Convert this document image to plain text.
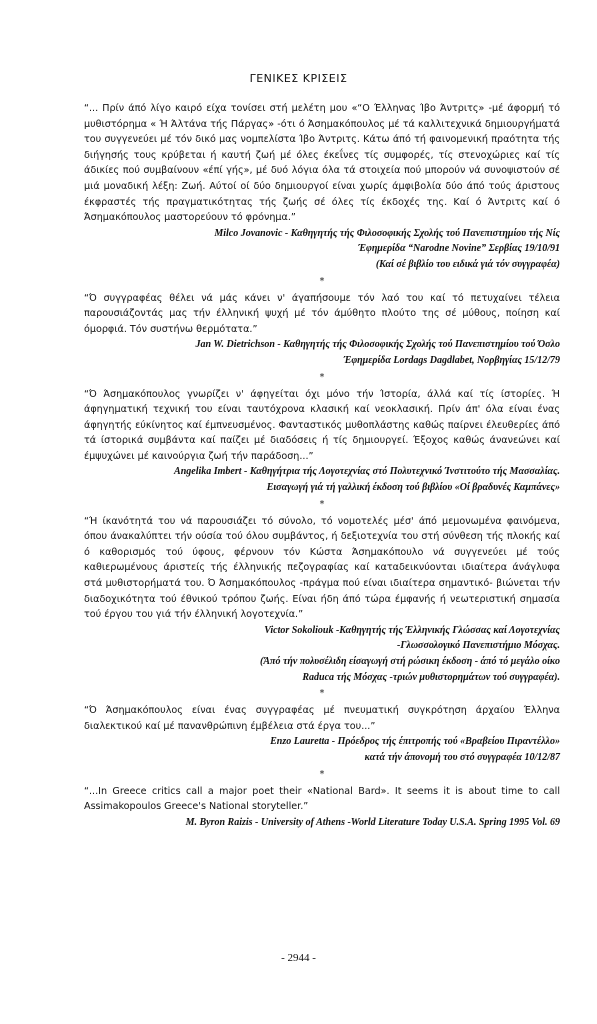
ΓΕΝΙΚΕΣ ΚΡΙΣΕΙΣ
“... Πρίν άπό λίγο καιρό είχα τονίσει στή μελέτη μου «“Ο Έλληνας Ίβο Άντριτς» -μέ άφορμή τό μυθιστόρημα « Ή Άλτάνα τής Πάργας» -ότι ό Άσημακόπουλος μέ τά καλλιτεχνικά δημιουργήματά του συγγενεύει μέ τόν δικό μας νομπελίστα Ίβο Άντριτς. Κάτω άπό τή φαινομενική πραότητα τής διήγησής τους κρύβεται ή καυτή ζωή μέ όλες έκεΐνες τίς συμφορές, τίς στενοχώριες καί τίς άδικίες πού συμβαίνουν «έπί γής», μέ δυό λόγια όλα τά στοιχεία πού μπορούν νά συνοψιστούν σέ μιά μοναδική λέξη: Ζωή. Αύτοί οί δύο δημιουργοί είναι χωρίς άμφιβολία δύο άπό τούς άριστους έκφραστές τής πραγματικότητας τής ζωής σέ όλες τίς έκδοχές της. Καί ό Άντριτς καί ό Άσημακόπουλος μαστορεύουν τό φρόνημα.”
Milco Jovanovic - Καθηγητής τής Φιλοσοφικής Σχολής τού Πανεπιστημίου τής Νίς
Έφημερίδα “Narodne Novine” Σερβίας 19/10/91
(Καί σέ βιβλίο του ειδικά γιά τόν συγγραφέα)
*
“Ό συγγραφέας θέλει νά μάς κάνει ν' άγαπήσουμε τόν λαό του καί τό πετυχαίνει τέλεια παρουσιάζοντάς μας τήν έλληνική ψυχή μέ τόν άμύθητο πλούτο της σέ μύθους, ποίηση καί όμορφιά. Τόν συστήνω θερμότατα.”
Jan W. Dietrichson - Καθηγητής τής Φιλοσοφικής Σχολής τού Πανεπιστημίου τού Όσλο
Έφημερίδα Lordags Dagdlabet, Νορβηγίας 15/12/79
*
“Ό Άσημακόπουλος γνωρίζει ν' άφηγείται όχι μόνο τήν Ίστορία, άλλά καί τίς ίστορίες. Ή άφηγηματική τεχνική του είναι ταυτόχρονα κλασική καί νεοκλασική. Πρίν άπ' όλα είναι ένας άφηγητής εύκίνητος καί έμπνευσμένος. Φανταστικός μυθοπλάστης καθώς παίρνει έλευθερίες άπό τά ίστορικά συμβάντα καί παίζει μέ διαδόσεις ή τίς δημιουργεί. Έξοχος καθώς άνανεώνει καί έμψυχώνει μέ καινούργια ζωή τήν παράδοση...”
Angelika Imbert - Καθηγήτρια τής Λογοτεχνίας στό Πολυτεχνικό Ίνστιτούτο τής Μασσαλίας.
Εισαγωγή γιά τή γαλλική έκδοση τού βιβλίου «Οί βραδυνές Καμπάνες»
*
“Ή ίκανότητά του νά παρουσιάζει τό σύνολο, τό νομοτελές μέσ' άπό μεμονωμένα φαινόμενα, όπου άνακαλύπτει τήν ούσία τού όλου συμβάντος, ή δεξιοτεχνία του στή σύνθεση τής πλοκής καί ό καθορισμός τού ύφους, φέρνουν τόν Κώστα Άσημακόπουλο νά συγγενεύει μέ τούς καθιερωμένους άριστείς τής έλληνικής πεζογραφίας καί καταδεικνύονται ιδιαίτερα άνάγλυφα στά μυθιστορήματά του. Ό Άσημακόπουλος -πράγμα πού είναι ιδιαίτερα σημαντικό- βιώνεται τήν διαδοχικότητα τού έθνικού τρόπου ζωής. Είναι ήδη άπό τώρα έμφανής ή νεωτεριστική σημασία τού έργου του γιά τήν έλληνική λογοτεχνία.”
Victor Sokolіouk -Καθηγητής τής Έλληνικής Γλώσσας καί Λογοτεχνίας
-Γλωσσολογικό Πανεπιστήμιο Μόσχας.
(Άπό τήν πολυσέλιδη είσαγωγή στή ρώσικη έκδοση - άπό τό μεγάλο οίκο
Raduca τής Μόσχας -τριών μυθιστορημάτων τού συγγραφέα).
*
“Ό Άσημακόπουλος είναι ένας συγγραφέας μέ πνευματική συγκρότηση άρχαίου Έλληνα διαλεκτικού καί μέ πανανθρώπινη έμβέλεια στά έργα του...”
Enzo Lauretta - Πρόεδρος τής έπιτροπής τού «Βραβείου Πιραντέλλο»
κατά τήν άπονομή του στό συγγραφέα 10/12/87
*
“...In Greece critics call a major poet their «National Bard». It seems it is about time to call Assimakopoulos Greece's National storyteller.”
M. Byron Raizis - University of Athens -World Literature Today U.S.A. Spring 1995 Vol. 69
- 2944 -
